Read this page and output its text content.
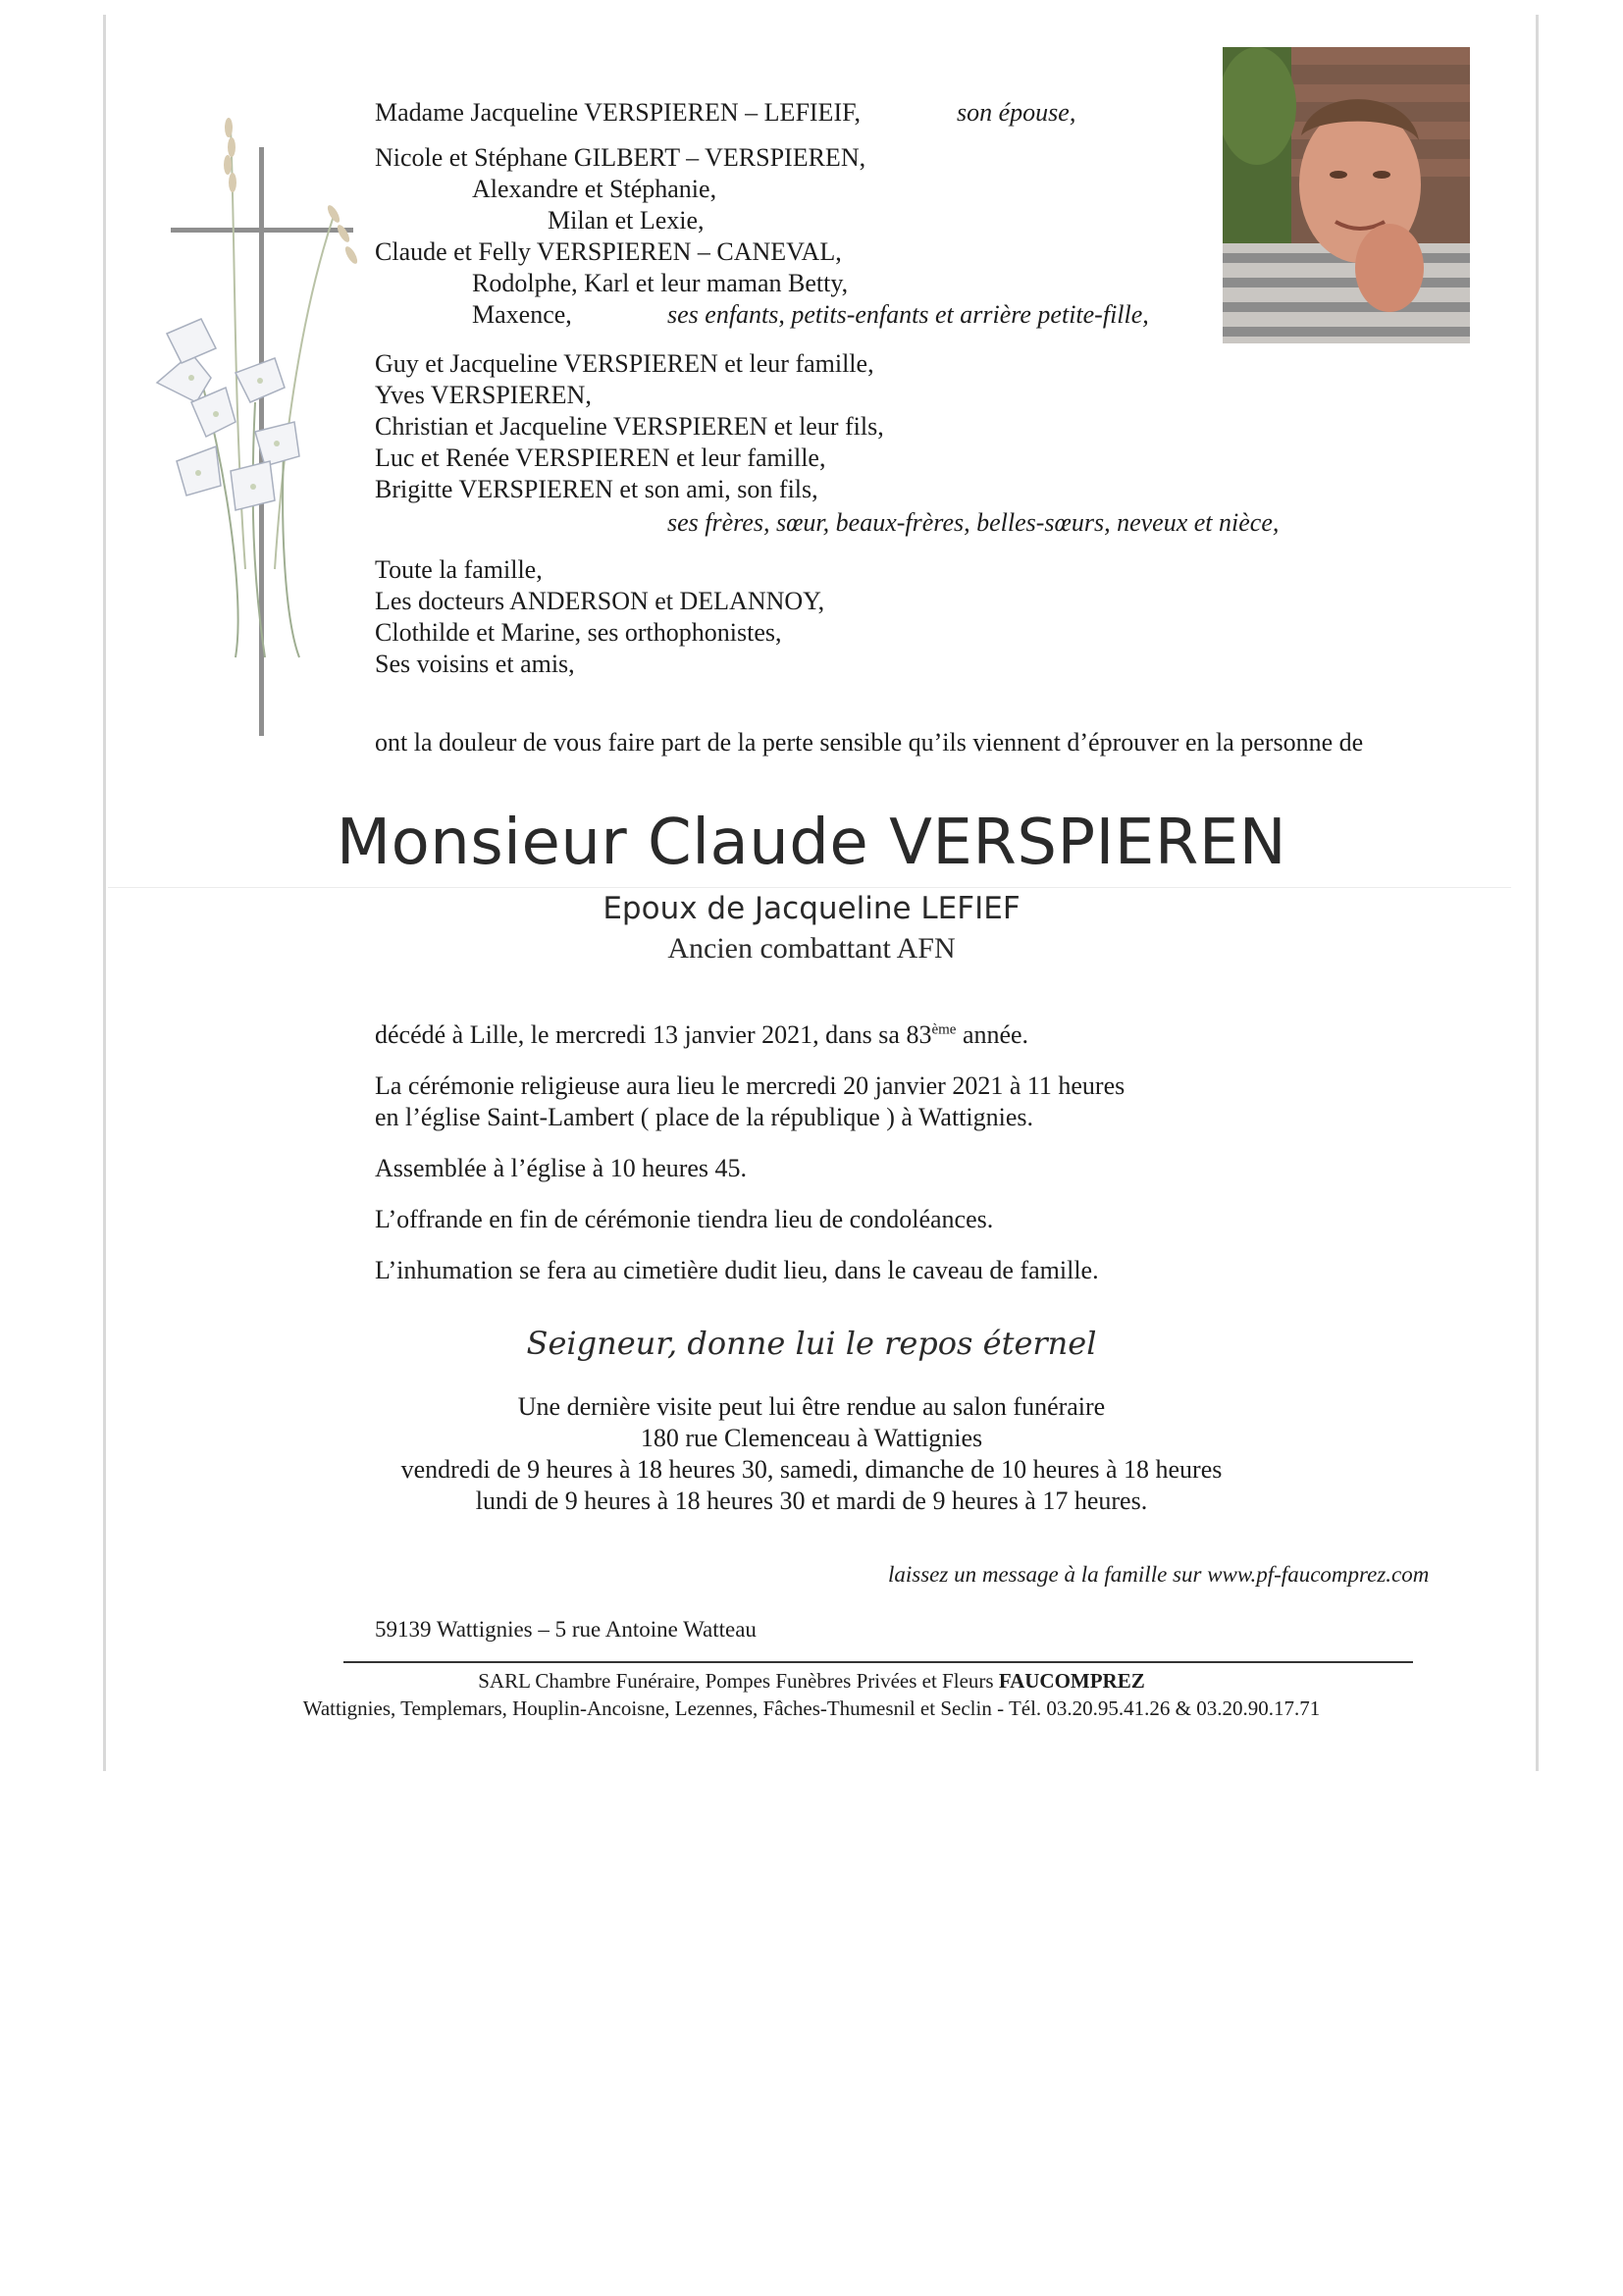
Madame Jacqueline VERSPIEREN – LEFIEIF,	son épouse,
Nicole et Stéphane GILBERT – VERSPIEREN,
Alexandre et Stéphanie,
Milan et Lexie,
Claude et Felly VERSPIEREN – CANEVAL,
Rodolphe, Karl et leur maman Betty,
Maxence,	ses enfants, petits-enfants et arrière petite-fille,
Guy et Jacqueline VERSPIEREN et leur famille,
Yves VERSPIEREN,
Christian et Jacqueline VERSPIEREN et leur fils,
Luc et Renée VERSPIEREN et leur famille,
Brigitte VERSPIEREN et son ami, son fils,
ses frères, sœur, beaux-frères, belles-sœurs, neveux et nièce,
Toute la famille,
Les docteurs ANDERSON et DELANNOY,
Clothilde et Marine, ses orthophonistes,
Ses voisins et amis,
ont la douleur de vous faire part de la perte sensible qu’ils viennent d’éprouver en la personne de
Monsieur Claude VERSPIEREN
Epoux de Jacqueline LEFIEF
Ancien combattant AFN
décédé à Lille, le mercredi 13 janvier 2021, dans sa 83ème année.
La cérémonie religieuse aura lieu le mercredi 20 janvier 2021 à 11 heures
en l’église Saint-Lambert ( place de la république ) à Wattignies.
Assemblée à l’église à 10 heures 45.
L’offrande en fin de cérémonie tiendra lieu de condoléances.
L’inhumation se fera au cimetière dudit lieu, dans le caveau de famille.
Seigneur, donne lui le repos éternel
Une dernière visite peut lui être rendue au salon funéraire
180 rue Clemenceau à Wattignies
vendredi de 9 heures à 18 heures 30, samedi, dimanche de 10 heures à 18 heures
lundi de 9 heures à 18 heures 30 et mardi de 9 heures à 17 heures.
laissez un message à la famille sur www.pf-faucomprez.com
59139 Wattignies – 5 rue Antoine Watteau
SARL Chambre Funéraire, Pompes Funèbres Privées et Fleurs FAUCOMPREZ
Wattignies, Templemars, Houplin-Ancoisne, Lezennes, Fâches-Thumesnil et Seclin - Tél. 03.20.95.41.26 & 03.20.90.17.71
